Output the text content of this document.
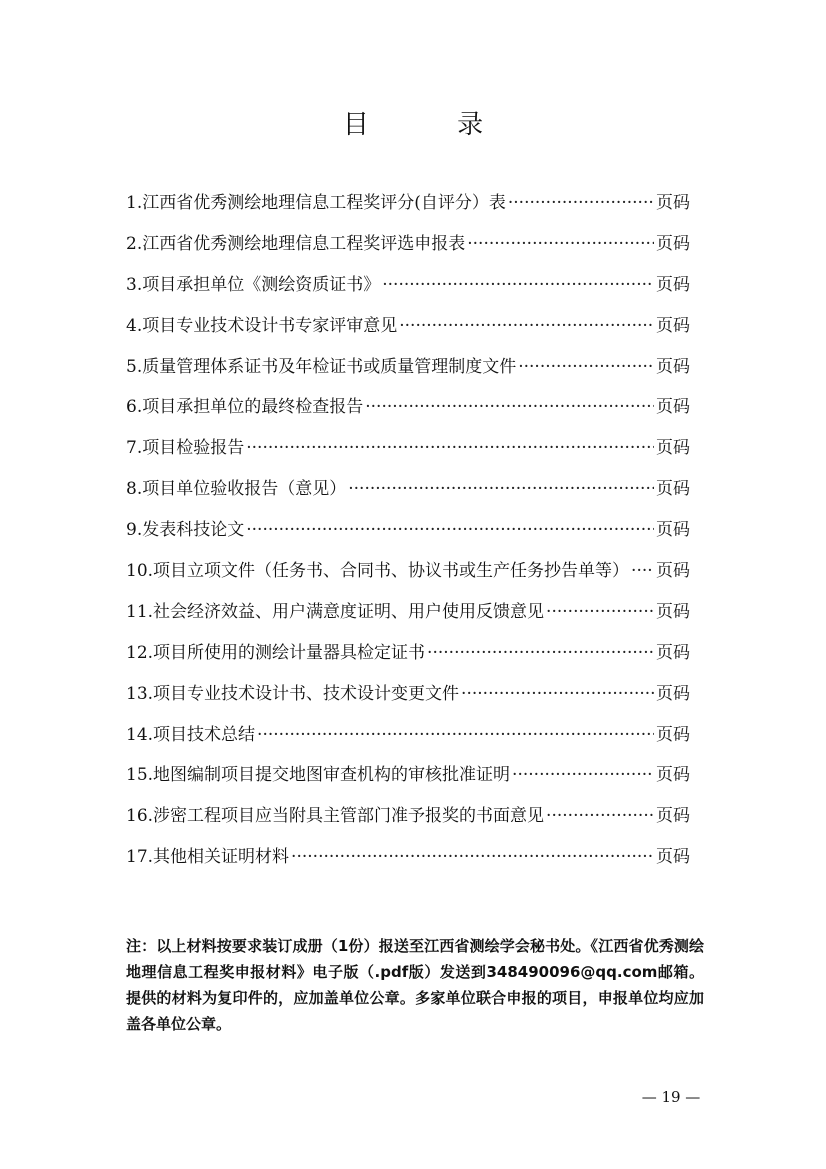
目 录
1.江西省优秀测绘地理信息工程奖评分(自评分）表 ·····	页码
2.江西省优秀测绘地理信息工程奖评选申报表 ·····	页码
3.项目承担单位《测绘资质证书》 ·····	页码
4.项目专业技术设计书专家评审意见 ·····	页码
5.质量管理体系证书及年检证书或质量管理制度文件 ·····	页码
6.项目承担单位的最终检查报告 ·····	页码
7.项目检验报告 ·····	页码
8.项目单位验收报告（意见） ·····	页码
9.发表科技论文 ·····	页码
10.项目立项文件（任务书、合同书、协议书或生产任务抄告单等） ····· 页码
11.社会经济效益、用户满意度证明、用户使用反馈意见 ·····	页码
12.项目所使用的测绘计量器具检定证书 ·····	页码
13.项目专业技术设计书、技术设计变更文件 ·····	页码
14.项目技术总结 ·····	页码
15.地图编制项目提交地图审查机构的审核批准证明 ·····	页码
16.涉密工程项目应当附具主管部门准予报奖的书面意见 ·····	页码
17.其他相关证明材料 ·····	页码
注：以上材料按要求装订成册（1份）报送至江西省测绘学会秘书处。《江西省优秀测绘地理信息工程奖申报材料》电子版（.pdf版）发送到348490096@qq.com邮箱。提供的材料为复印件的，应加盖单位公章。多家单位联合申报的项目，申报单位均应加盖各单位公章。
— 19 —
